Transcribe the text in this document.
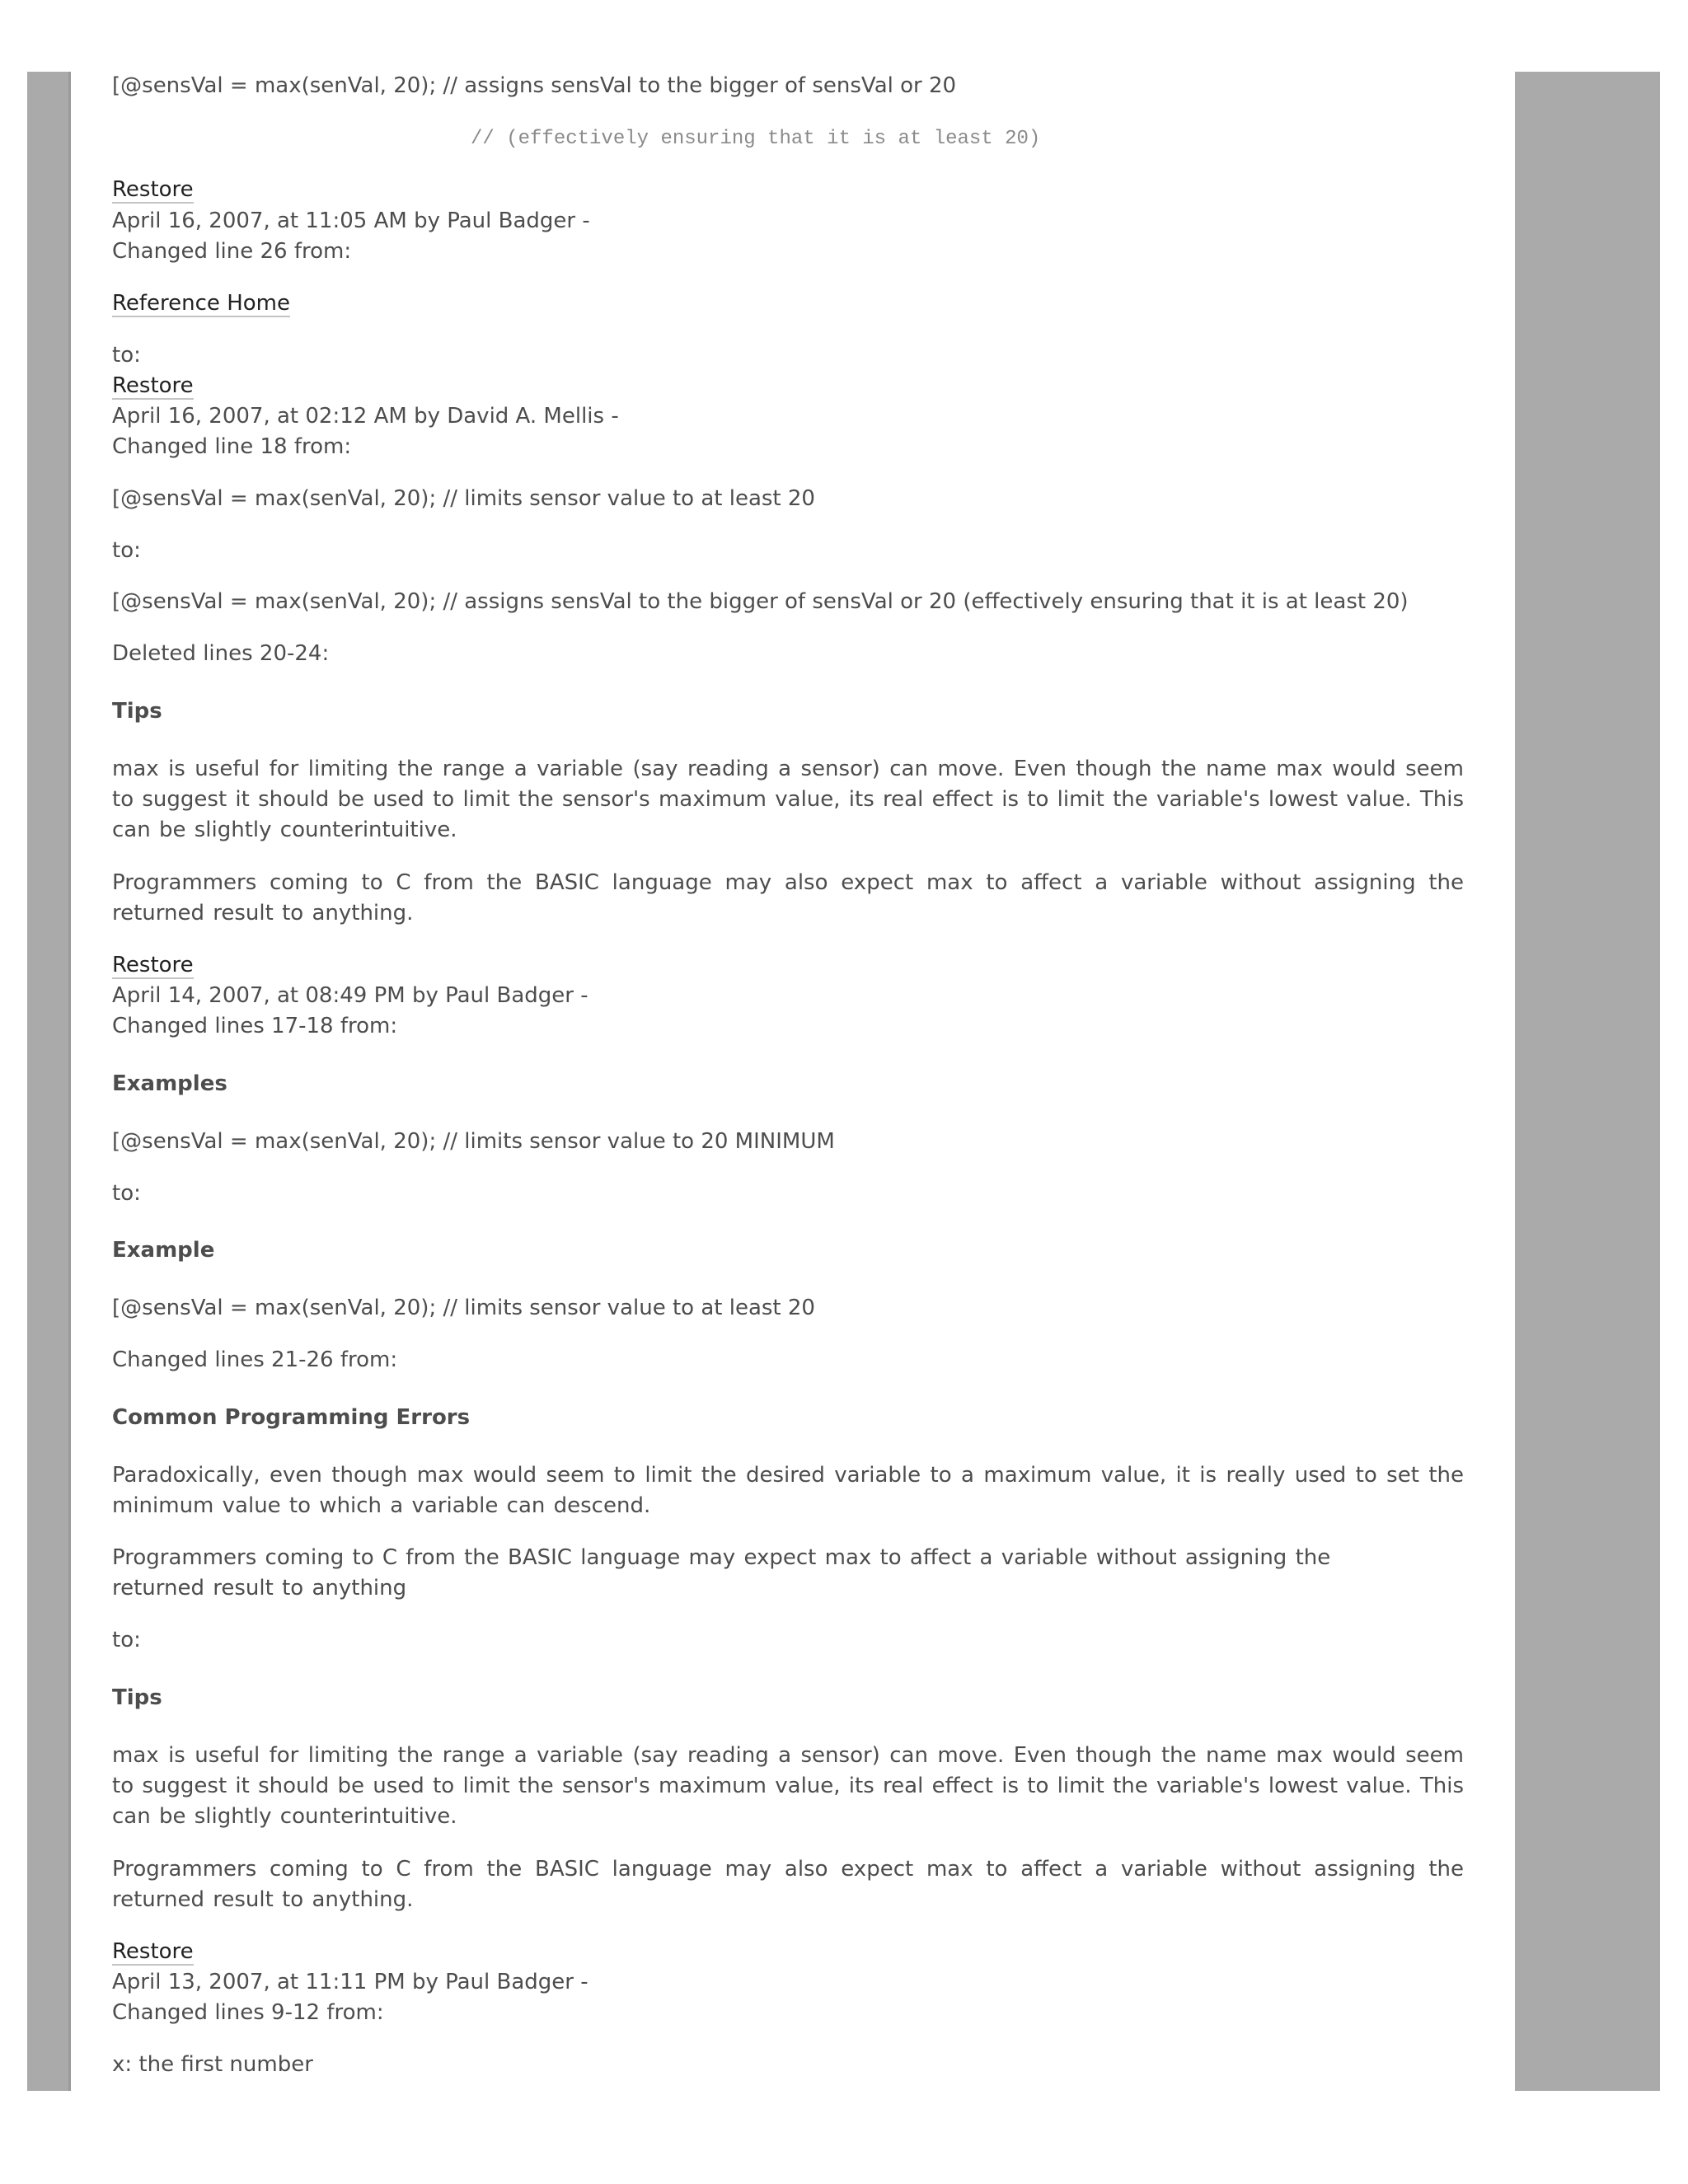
[@sensVal = max(senVal, 20); // assigns sensVal to the bigger of sensVal or 20
// (effectively ensuring that it is at least 20)
Restore
April 16, 2007, at 11:05 AM by Paul Badger -
Changed line 26 from:
Reference Home
to:
Restore
April 16, 2007, at 02:12 AM by David A. Mellis -
Changed line 18 from:
[@sensVal = max(senVal, 20); // limits sensor value to at least 20
to:
[@sensVal = max(senVal, 20); // assigns sensVal to the bigger of sensVal or 20 (effectively ensuring that it is at least 20)
Deleted lines 20-24:
Tips
max is useful for limiting the range a variable (say reading a sensor) can move. Even though the name max would seem to suggest it should be used to limit the sensor's maximum value, its real effect is to limit the variable's lowest value. This can be slightly counterintuitive.
Programmers coming to C from the BASIC language may also expect max to affect a variable without assigning the returned result to anything.
Restore
April 14, 2007, at 08:49 PM by Paul Badger -
Changed lines 17-18 from:
Examples
[@sensVal = max(senVal, 20); // limits sensor value to 20 MINIMUM
to:
Example
[@sensVal = max(senVal, 20); // limits sensor value to at least 20
Changed lines 21-26 from:
Common Programming Errors
Paradoxically, even though max would seem to limit the desired variable to a maximum value, it is really used to set the minimum value to which a variable can descend.
Programmers coming to C from the BASIC language may expect max to affect a variable without assigning the returned result to anything
to:
Tips
max is useful for limiting the range a variable (say reading a sensor) can move. Even though the name max would seem to suggest it should be used to limit the sensor's maximum value, its real effect is to limit the variable's lowest value. This can be slightly counterintuitive.
Programmers coming to C from the BASIC language may also expect max to affect a variable without assigning the returned result to anything.
Restore
April 13, 2007, at 11:11 PM by Paul Badger -
Changed lines 9-12 from:
x: the first number
